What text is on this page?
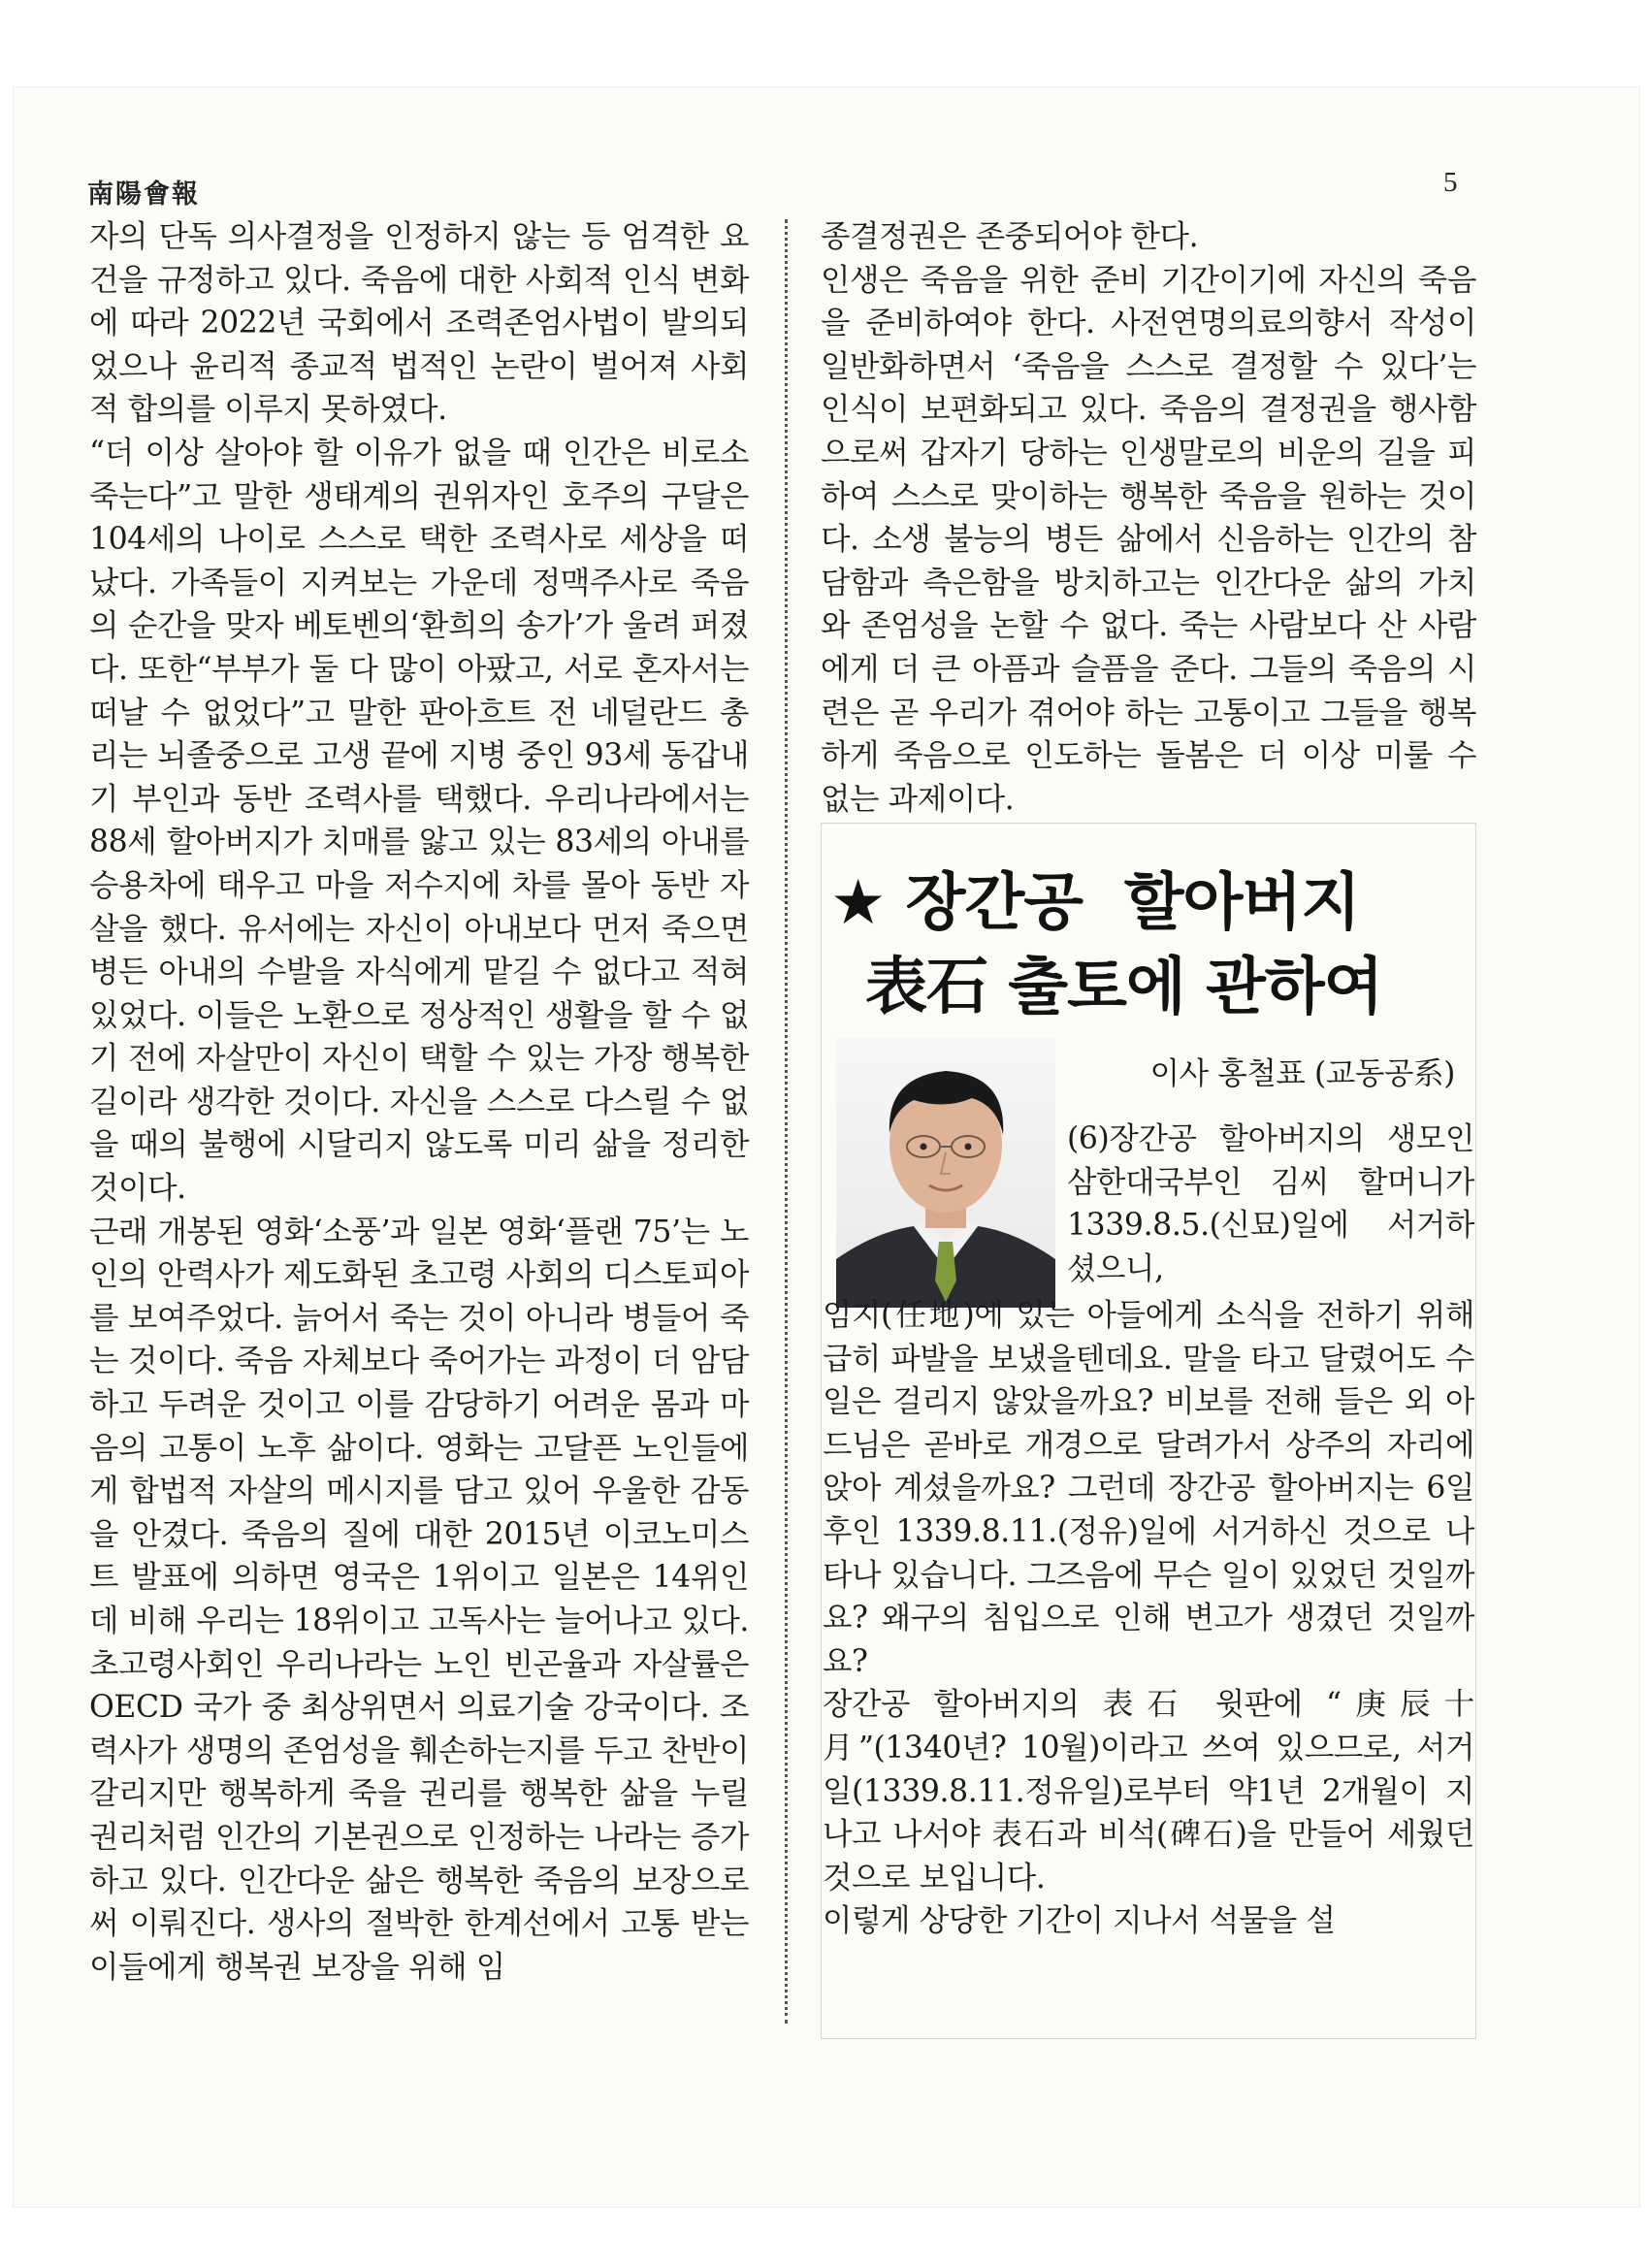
南陽會報	5

자의 단독 의사결정을 인정하지 않는 등 엄격한 요건을 규정하고 있다. 죽음에 대한 사회적 인식 변화에 따라 2022년 국회에서 조력존엄사법이 발의되었으나 윤리적 종교적 법적인 논란이 벌어져 사회적 합의를 이루지 못하였다.

“더 이상 살아야 할 이유가 없을 때 인간은 비로소 죽는다”고 말한 생태계의 권위자인 호주의 구달은 104세의 나이로 스스로 택한 조력사로 세상을 떠났다. 가족들이 지켜보는 가운데 정맥주사로 죽음의 순간을 맞자 베토벤의‘환희의 송가’가 울려 퍼졌다. 또한“부부가 둘 다 많이 아팠고, 서로 혼자서는 떠날 수 없었다”고 말한 판아흐트 전 네덜란드 총리는 뇌졸중으로 고생 끝에 지병 중인 93세 동갑내기 부인과 동반 조력사를 택했다. 우리나라에서는 88세 할아버지가 치매를 앓고 있는 83세의 아내를 승용차에 태우고 마을 저수지에 차를 몰아 동반 자살을 했다. 유서에는 자신이 아내보다 먼저 죽으면 병든 아내의 수발을 자식에게 맡길 수 없다고 적혀 있었다. 이들은 노환으로 정상적인 생활을 할 수 없기 전에 자살만이 자신이 택할 수 있는 가장 행복한 길이라 생각한 것이다. 자신을 스스로 다스릴 수 없을 때의 불행에 시달리지 않도록 미리 삶을 정리한 것이다.

근래 개봉된 영화‘소풍’과 일본 영화‘플랜 75’는 노인의 안력사가 제도화된 초고령 사회의 디스토피아를 보여주었다. 늙어서 죽는 것이 아니라 병들어 죽는 것이다. 죽음 자체보다 죽어가는 과정이 더 암담하고 두려운 것이고 이를 감당하기 어려운 몸과 마음의 고통이 노후 삶이다. 영화는 고달픈 노인들에게 합법적 자살의 메시지를 담고 있어 우울한 감동을 안겼다. 죽음의 질에 대한 2015년 이코노미스트 발표에 의하면 영국은 1위이고 일본은 14위인데 비해 우리는 18위이고 고독사는 늘어나고 있다. 초고령사회인 우리나라는 노인 빈곤율과 자살률은 OECD 국가 중 최상위면서 의료기술 강국이다. 조력사가 생명의 존엄성을 훼손하는지를 두고 찬반이 갈리지만 행복하게 죽을 권리를 행복한 삶을 누릴 권리처럼 인간의 기본권으로 인정하는 나라는 증가하고 있다. 인간다운 삶은 행복한 죽음의 보장으로써 이뤄진다. 생사의 절박한 한계선에서 고통 받는 이들에게 행복권 보장을 위해 임

종결정권은 존중되어야 한다.

인생은 죽음을 위한 준비 기간이기에 자신의 죽음을 준비하여야 한다. 사전연명의료의향서 작성이 일반화하면서 ‘죽음을 스스로 결정할 수 있다’는 인식이 보편화되고 있다. 죽음의 결정권을 행사함으로써 갑자기 당하는 인생말로의 비운의 길을 피하여 스스로 맞이하는 행복한 죽음을 원하는 것이다. 소생 불능의 병든 삶에서 신음하는 인간의 참담함과 측은함을 방치하고는 인간다운 삶의 가치와 존엄성을 논할 수 없다. 죽는 사람보다 산 사람에게 더 큰 아픔과 슬픔을 준다. 그들의 죽음의 시련은 곧 우리가 겪어야 하는 고통이고 그들을 행복하게 죽음으로 인도하는 돌봄은 더 이상 미룰 수 없는 과제이다.

★ 장간공  할아버지
表石 출토에 관하여
이사 홍철표 (교동공系)
(6)장간공 할아버지의 생모인 삼한대국부인 김씨 할머니가 1339.8.5.(신묘)일에 서거하셨으니,

임지(任地)에 있는 아들에게 소식을 전하기 위해 급히 파발을 보냈을텐데요. 말을 타고 달렸어도 수일은 걸리지 않았을까요? 비보를 전해 들은 외 아드님은 곧바로 개경으로 달려가서 상주의 자리에 앉아 계셨을까요? 그런데 장간공 할아버지는 6일 후인 1339.8.11.(정유)일에 서거하신 것으로 나타나 있습니다. 그즈음에 무슨 일이 있었던 것일까요? 왜구의 침입으로 인해 변고가 생겼던 것일까요?

장간공 할아버지의 表石 윗판에 “庚辰十月”(1340년? 10월)이라고 쓰여 있으므로, 서거일(1339.8.11.정유일)로부터 약1년 2개월이 지나고 나서야 表石과 비석(碑石)을 만들어 세웠던 것으로 보입니다.

이렇게 상당한 기간이 지나서 석물을 설
